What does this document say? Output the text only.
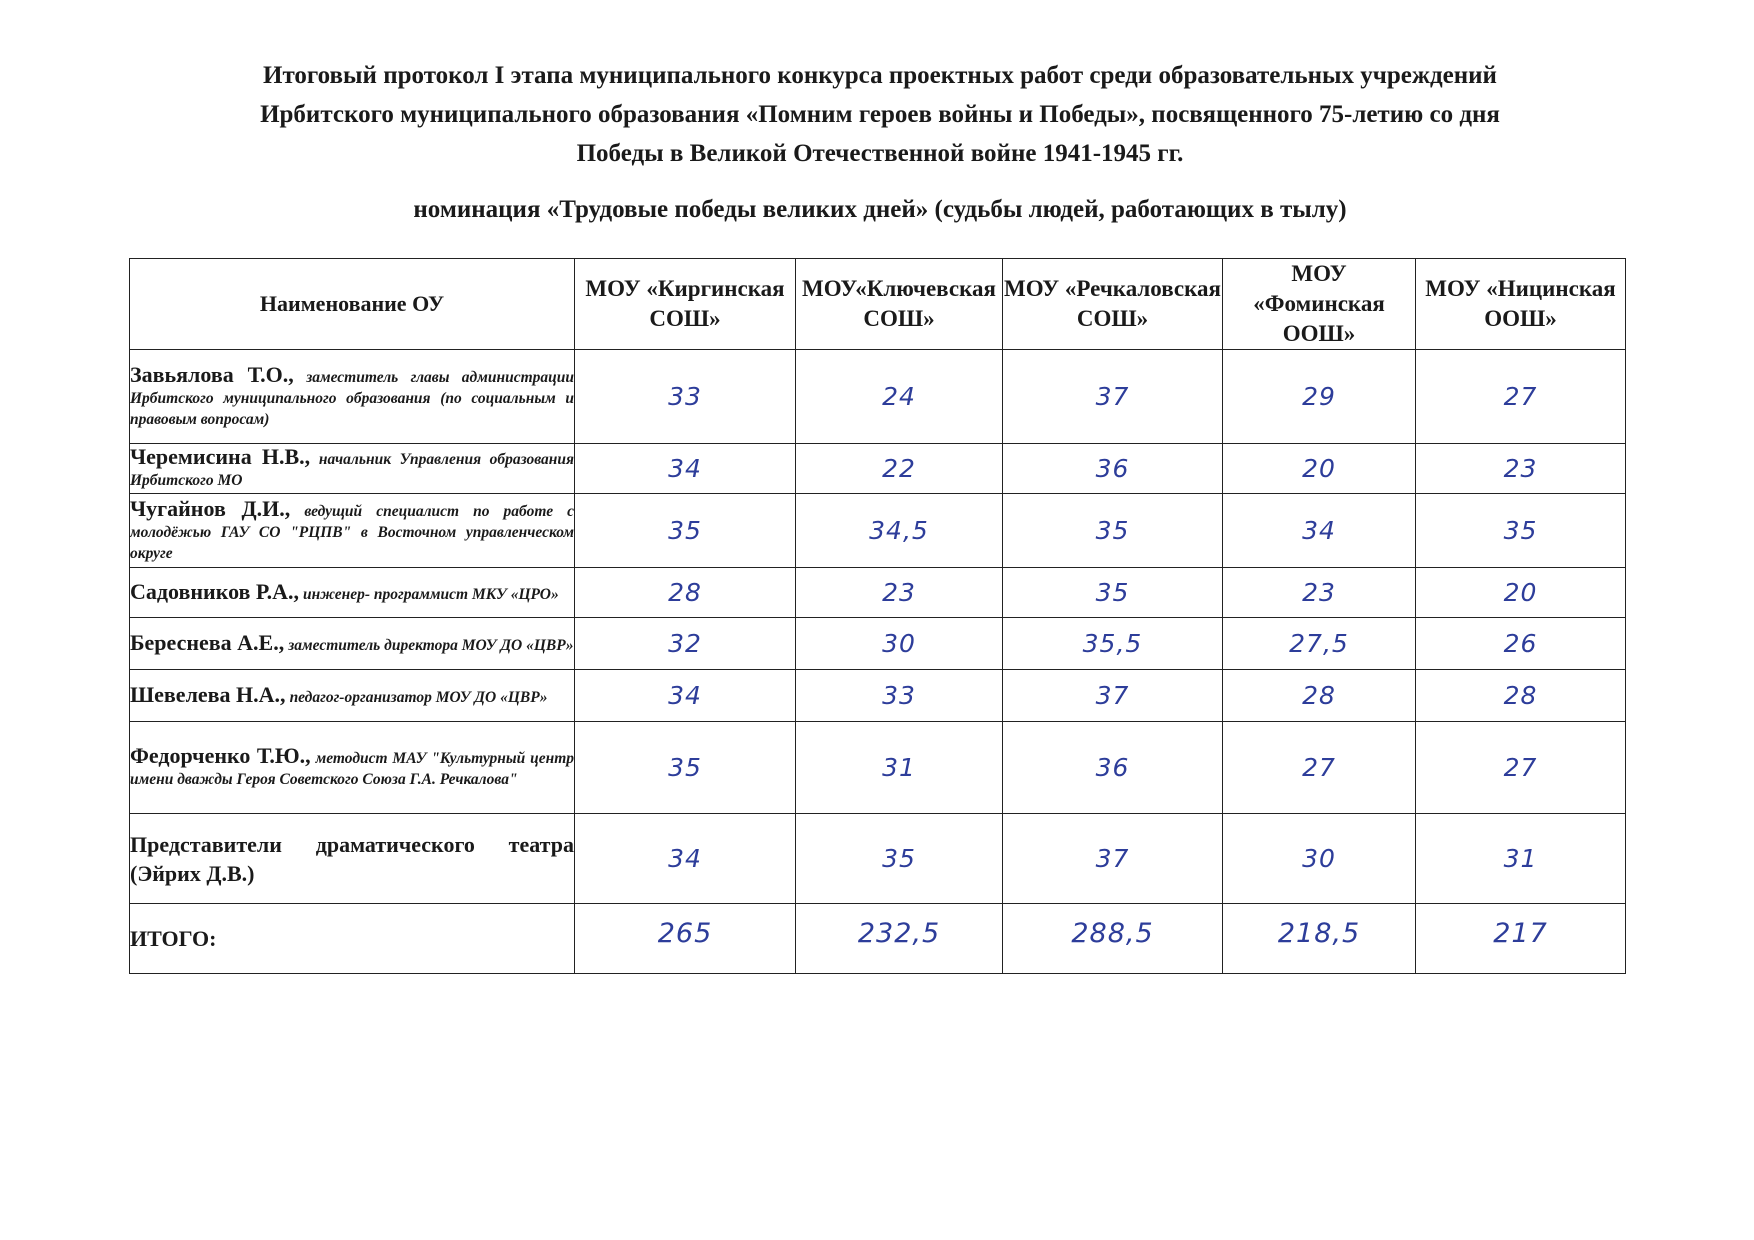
Итоговый протокол I этапа муниципального конкурса проектных работ среди образовательных учреждений
Ирбитского муниципального образования «Помним героев войны и Победы», посвященного 75-летию со дня
Победы в Великой Отечественной войне 1941-1945 гг.
номинация «Трудовые победы великих дней» (судьбы людей, работающих в тылу)
Наименование ОУ	МОУ «Киргинская СОШ»	МОУ«Ключевская СОШ»	МОУ «Речкаловская СОШ»	МОУ «Фоминская ООШ»	МОУ «Ницинская ООШ»
Завьялова Т.О., заместитель главы администрации Ирбитского муниципального образования (по социальным и правовым вопросам)	33	24	37	29	27
Черемисина Н.В., начальник Управления образования Ирбитского МО	34	22	36	20	23
Чугайнов Д.И., ведущий специалист по работе с молодёжью ГАУ СО "РЦПВ" в Восточном управленческом округе	35	34,5	35	34	35
Садовников Р.А., инженер- программист МКУ «ЦРО»	28	23	35	23	20
Береснева А.Е., заместитель директора МОУ ДО «ЦВР»	32	30	35,5	27,5	26
Шевелева Н.А., педагог-организатор МОУ ДО «ЦВР»	34	33	37	28	28
Федорченко Т.Ю., методист МАУ "Культурный центр имени дважды Героя Советского Союза Г.А. Речкалова"	35	31	36	27	27
Представители драматического театра (Эйрих Д.В.)	34	35	37	30	31
ИТОГО:	265	232,5	288,5	218,5	217
